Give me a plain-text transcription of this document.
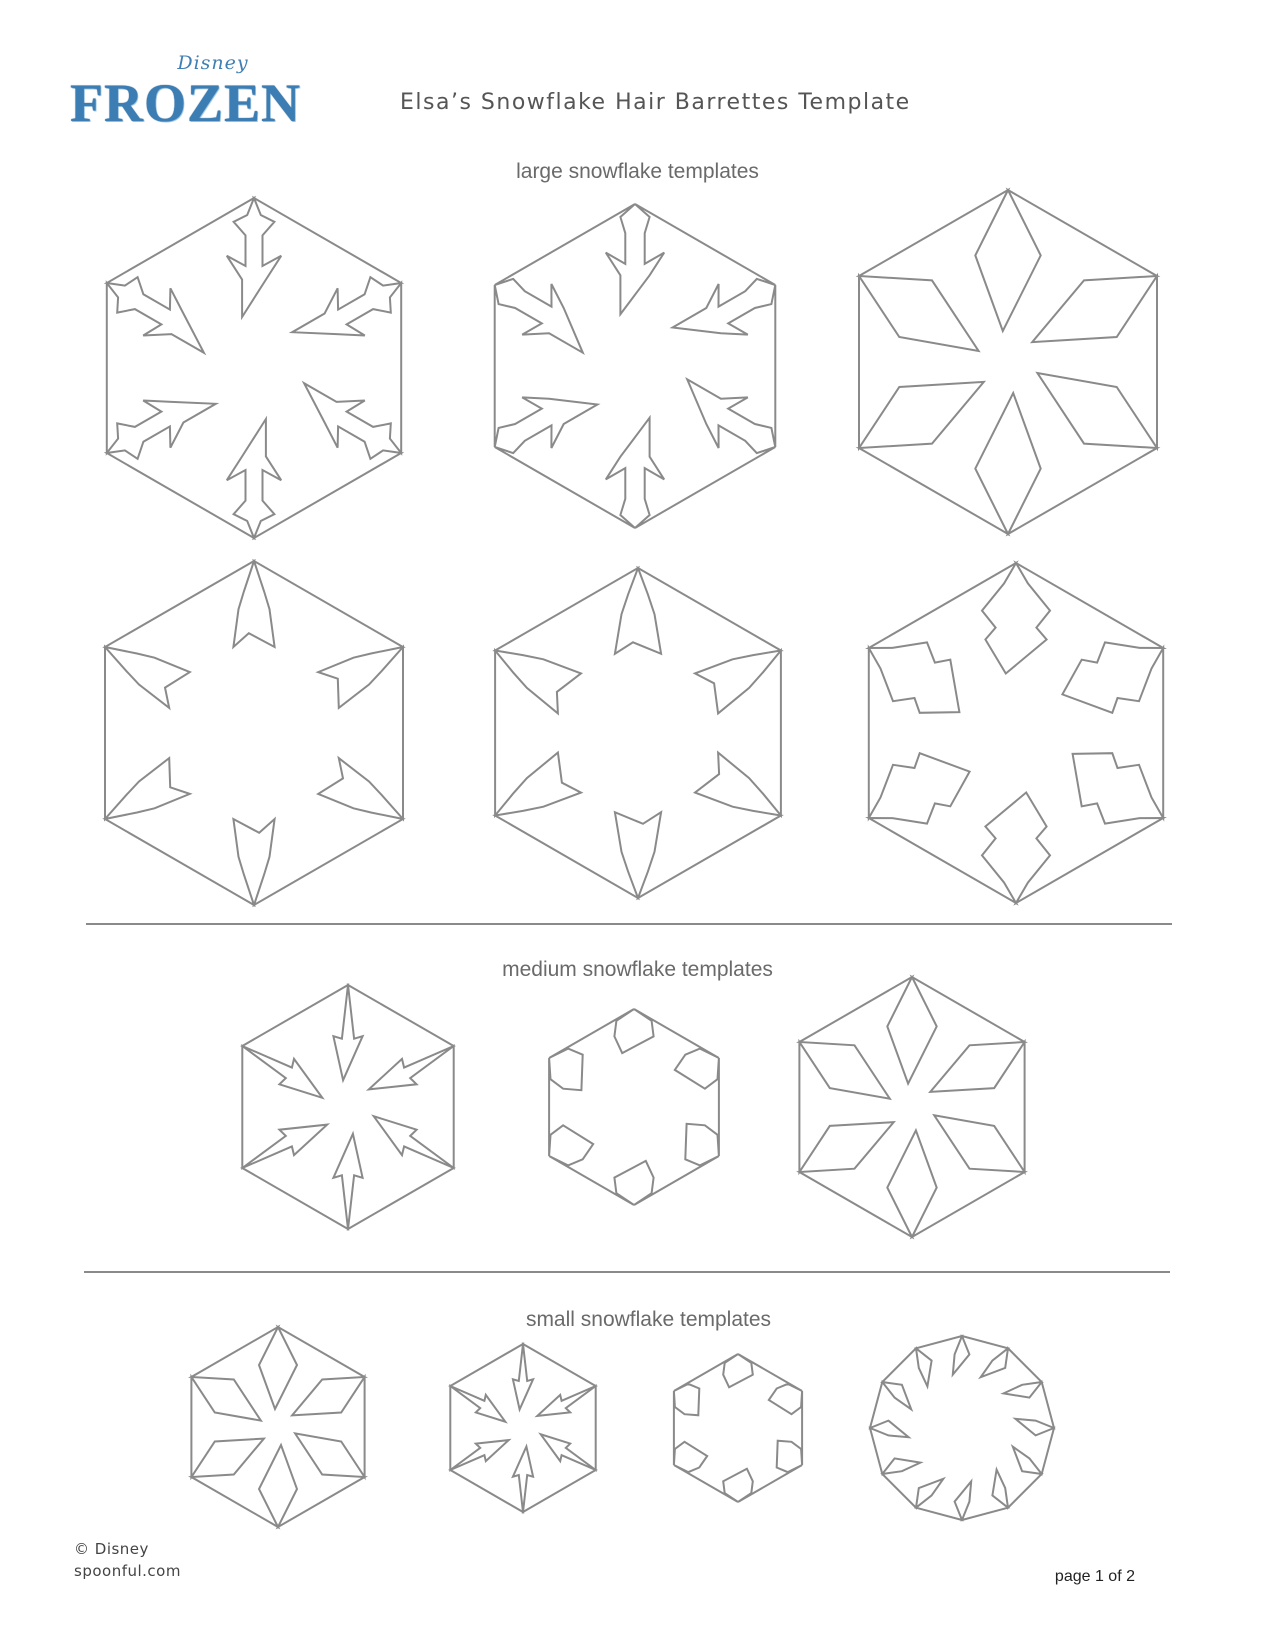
Disney
FROZEN	Elsa’s Snowflake Hair Barrettes Template
large snowflake templates
medium snowflake templates
small snowflake templates
© Disney
spoonful.com	page 1 of 2
